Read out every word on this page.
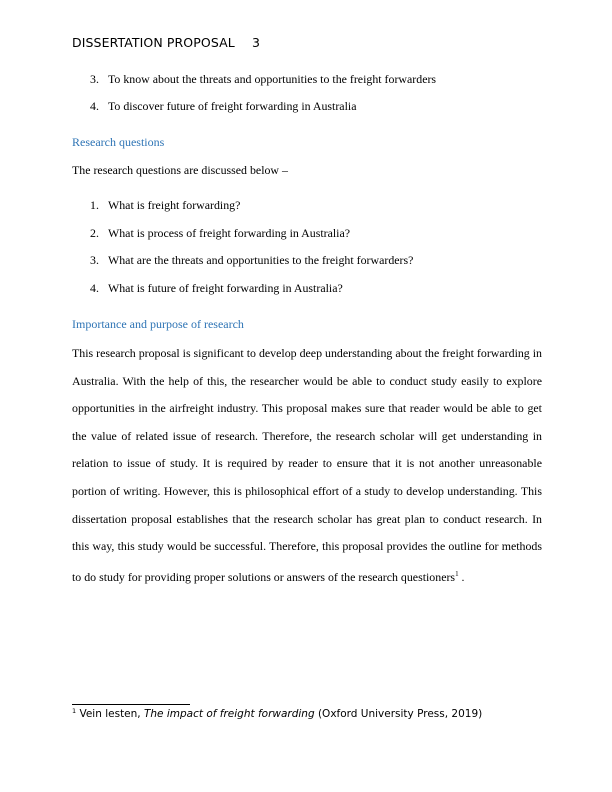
DISSERTATION PROPOSAL 3
3. To know about the threats and opportunities to the freight forwarders
4. To discover future of freight forwarding in Australia
Research questions
The research questions are discussed below –
1. What is freight forwarding?
2. What is process of freight forwarding in Australia?
3. What are the threats and opportunities to the freight forwarders?
4. What is future of freight forwarding in Australia?
Importance and purpose of research
This research proposal is significant to develop deep understanding about the freight forwarding in Australia. With the help of this, the researcher would be able to conduct study easily to explore opportunities in the airfreight industry. This proposal makes sure that reader would be able to get the value of related issue of research. Therefore, the research scholar will get understanding in relation to issue of study. It is required by reader to ensure that it is not another unreasonable portion of writing. However, this is philosophical effort of a study to develop understanding. This dissertation proposal establishes that the research scholar has great plan to conduct research. In this way, this study would be successful. Therefore, this proposal provides the outline for methods to do study for providing proper solutions or answers of the research questioners$^1$ .
$^1$ Vein lesten, The impact of freight forwarding (Oxford University Press, 2019)
